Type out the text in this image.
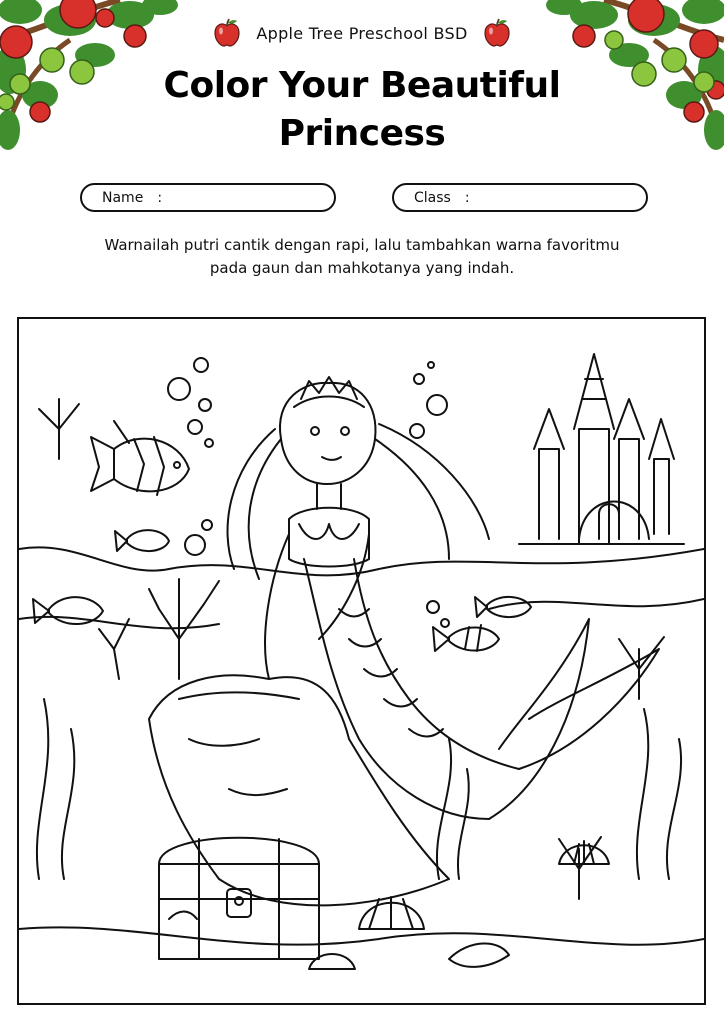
Apple Tree Preschool BSD
Color Your Beautiful
Princess
Name :	Class :
Warnailah putri cantik dengan rapi, lalu tambahkan warna favoritmu
pada gaun dan mahkotanya yang indah.
